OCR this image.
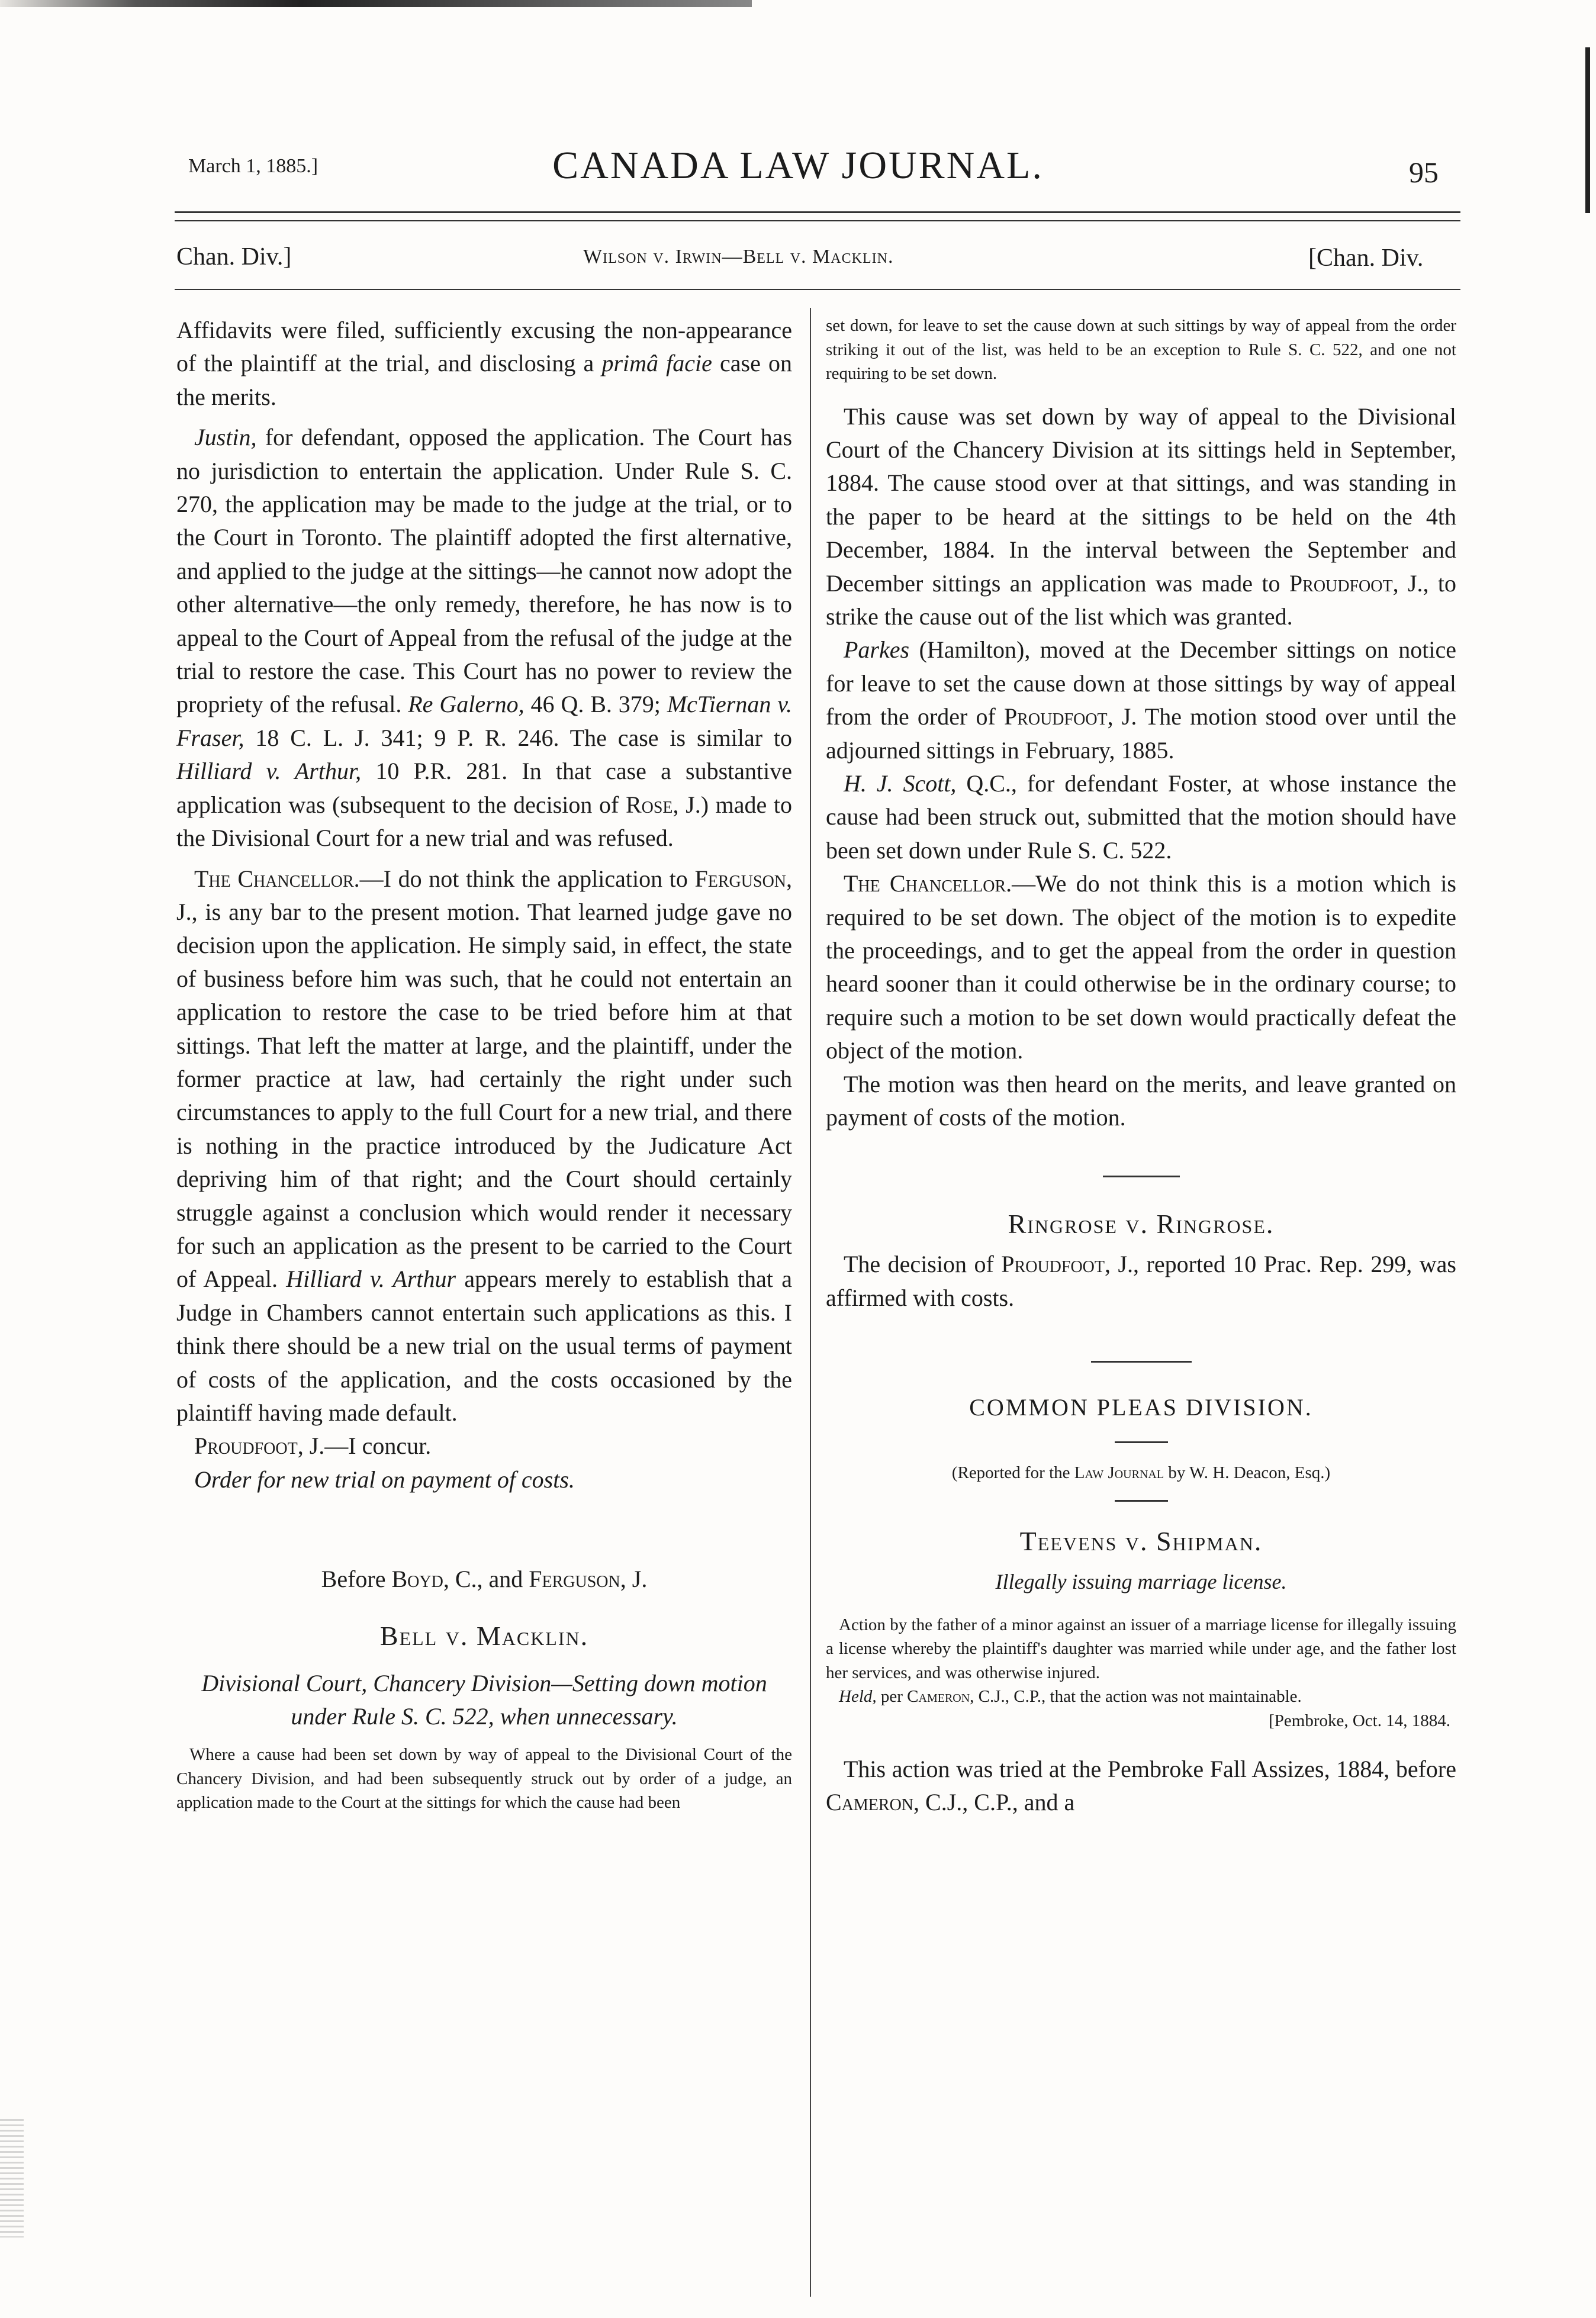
March 1, 1885.]	CANADA LAW JOURNAL.	95
Chan. Div.]	Wilson v. Irwin—Bell v. Macklin.	[Chan. Div.

Affidavits were filed, sufficiently excusing the non-appearance of the plaintiff at the trial, and disclosing a primâ facie case on the merits.

Justin, for defendant, opposed the application. The Court has no jurisdiction to entertain the application. Under Rule S. C. 270, the application may be made to the judge at the trial, or to the Court in Toronto. The plaintiff adopted the first alternative, and applied to the judge at the sittings—he cannot now adopt the other alternative—the only remedy, therefore, he has now is to appeal to the Court of Appeal from the refusal of the judge at the trial to restore the case. This Court has no power to review the propriety of the refusal. Re Galerno, 46 Q. B. 379; McTiernan v. Fraser, 18 C. L. J. 341; 9 P. R. 246. The case is similar to Hilliard v. Arthur, 10 P.R. 281. In that case a substantive application was (subsequent to the decision of Rose, J.) made to the Divisional Court for a new trial and was refused.

The Chancellor.—I do not think the application to Ferguson, J., is any bar to the present motion. That learned judge gave no decision upon the application. He simply said, in effect, the state of business before him was such, that he could not entertain an application to restore the case to be tried before him at that sittings. That left the matter at large, and the plaintiff, under the former practice at law, had certainly the right under such circumstances to apply to the full Court for a new trial, and there is nothing in the practice introduced by the Judicature Act depriving him of that right; and the Court should certainly struggle against a conclusion which would render it necessary for such an application as the present to be carried to the Court of Appeal. Hilliard v. Arthur appears merely to establish that a Judge in Chambers cannot entertain such applications as this. I think there should be a new trial on the usual terms of payment of costs of the application, and the costs occasioned by the plaintiff having made default.

Proudfoot, J.—I concur.

Order for new trial on payment of costs.

Before Boyd, C., and Ferguson, J.

Bell v. Macklin.

Divisional Court, Chancery Division—Setting down motion under Rule S. C. 522, when unnecessary.

Where a cause had been set down by way of appeal to the Divisional Court of the Chancery Division, and had been subsequently struck out by order of a judge, an application made to the Court at the sittings for which the cause had been

set down, for leave to set the cause down at such sittings by way of appeal from the order striking it out of the list, was held to be an exception to Rule S. C. 522, and one not requiring to be set down.

This cause was set down by way of appeal to the Divisional Court of the Chancery Division at its sittings held in September, 1884. The cause stood over at that sittings, and was standing in the paper to be heard at the sittings to be held on the 4th December, 1884. In the interval between the September and December sittings an application was made to Proudfoot, J., to strike the cause out of the list which was granted.

Parkes (Hamilton), moved at the December sittings on notice for leave to set the cause down at those sittings by way of appeal from the order of Proudfoot, J. The motion stood over until the adjourned sittings in February, 1885.

H. J. Scott, Q.C., for defendant Foster, at whose instance the cause had been struck out, submitted that the motion should have been set down under Rule S. C. 522.

The Chancellor.—We do not think this is a motion which is required to be set down. The object of the motion is to expedite the proceedings, and to get the appeal from the order in question heard sooner than it could otherwise be in the ordinary course; to require such a motion to be set down would practically defeat the object of the motion.

The motion was then heard on the merits, and leave granted on payment of costs of the motion.

Ringrose v. Ringrose.

The decision of Proudfoot, J., reported 10 Prac. Rep. 299, was affirmed with costs.

COMMON PLEAS DIVISION.

(Reported for the Law Journal by W. H. Deacon, Esq.)

Teevens v. Shipman.

Illegally issuing marriage license.

Action by the father of a minor against an issuer of a marriage license for illegally issuing a license whereby the plaintiff's daughter was married while under age, and the father lost her services, and was otherwise injured.

Held, per Cameron, C.J., C.P., that the action was not maintainable.

[Pembroke, Oct. 14, 1884.

This action was tried at the Pembroke Fall Assizes, 1884, before Cameron, C.J., C.P., and a
